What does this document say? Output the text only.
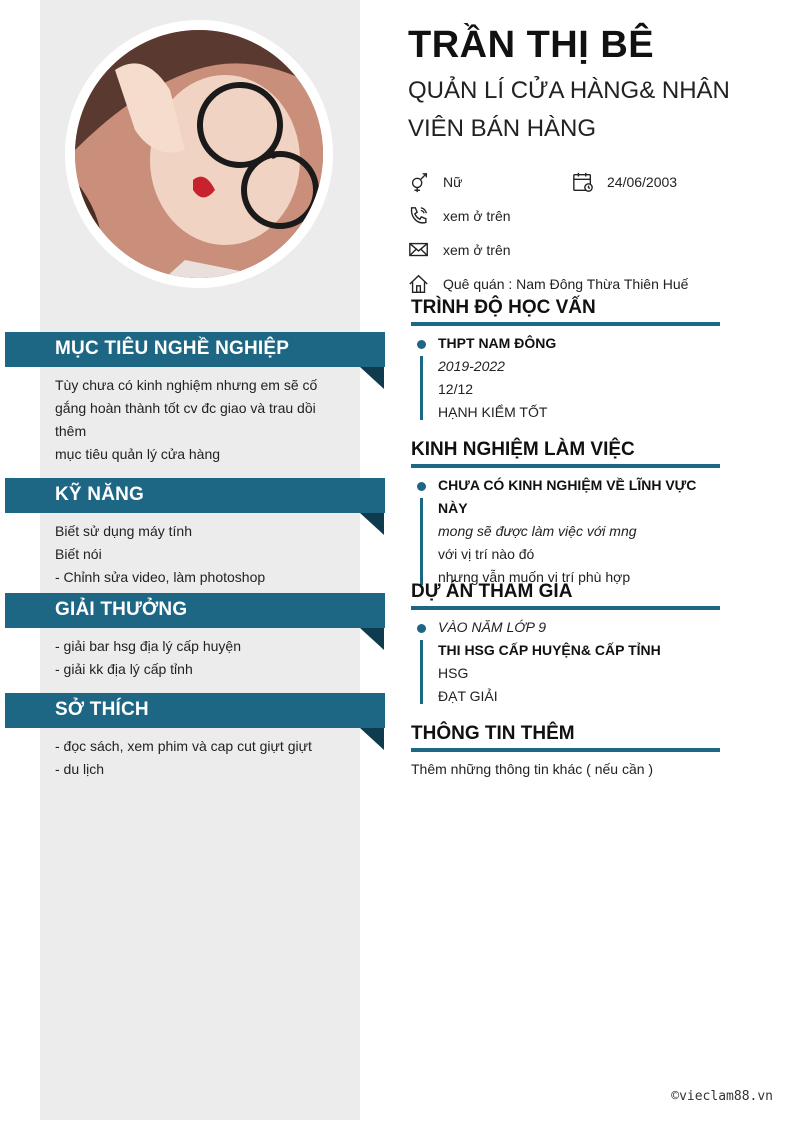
TRẦN THỊ BÊ
QUẢN LÍ CỬA HÀNG& NHÂN VIÊN BÁN HÀNG
Nữ	24/06/2003
xem ở trên
xem ở trên
Quê quán : Nam Đông Thừa Thiên Huế
MỤC TIÊU NGHỀ NGHIỆP
Tùy chưa có kinh nghiệm nhưng em sẽ cố
gắng hoàn thành tốt cv đc giao và trau dồi
thêm
mục tiêu quản lý cửa hàng
KỸ NĂNG
Biết sử dụng máy tính
Biết nói
- Chỉnh sửa video, làm photoshop
GIẢI THƯỞNG
- giải bar hsg địa lý cấp huyện
- giải kk địa lý cấp tỉnh
SỞ THÍCH
- đọc sách, xem phim và cap cut giựt giựt
- du lịch
TRÌNH ĐỘ HỌC VẤN
THPT NAM ĐÔNG
2019-2022
12/12
HẠNH KIỂM TỐT
KINH NGHIỆM LÀM VIỆC
CHƯA CÓ KINH NGHIỆM VỀ LĨNH VỰC NÀY
mong sẽ được làm việc với mng
với vị trí nào đó
nhưng vẫn muốn vị trí phù hợp
DỰ ÁN THAM GIA
VÀO NĂM LỚP 9
THI HSG CẤP HUYỆN& CẤP TỈNH
HSG
ĐẠT GIẢI
THÔNG TIN THÊM
Thêm những thông tin khác ( nếu cần )
©vieclam88.vn
